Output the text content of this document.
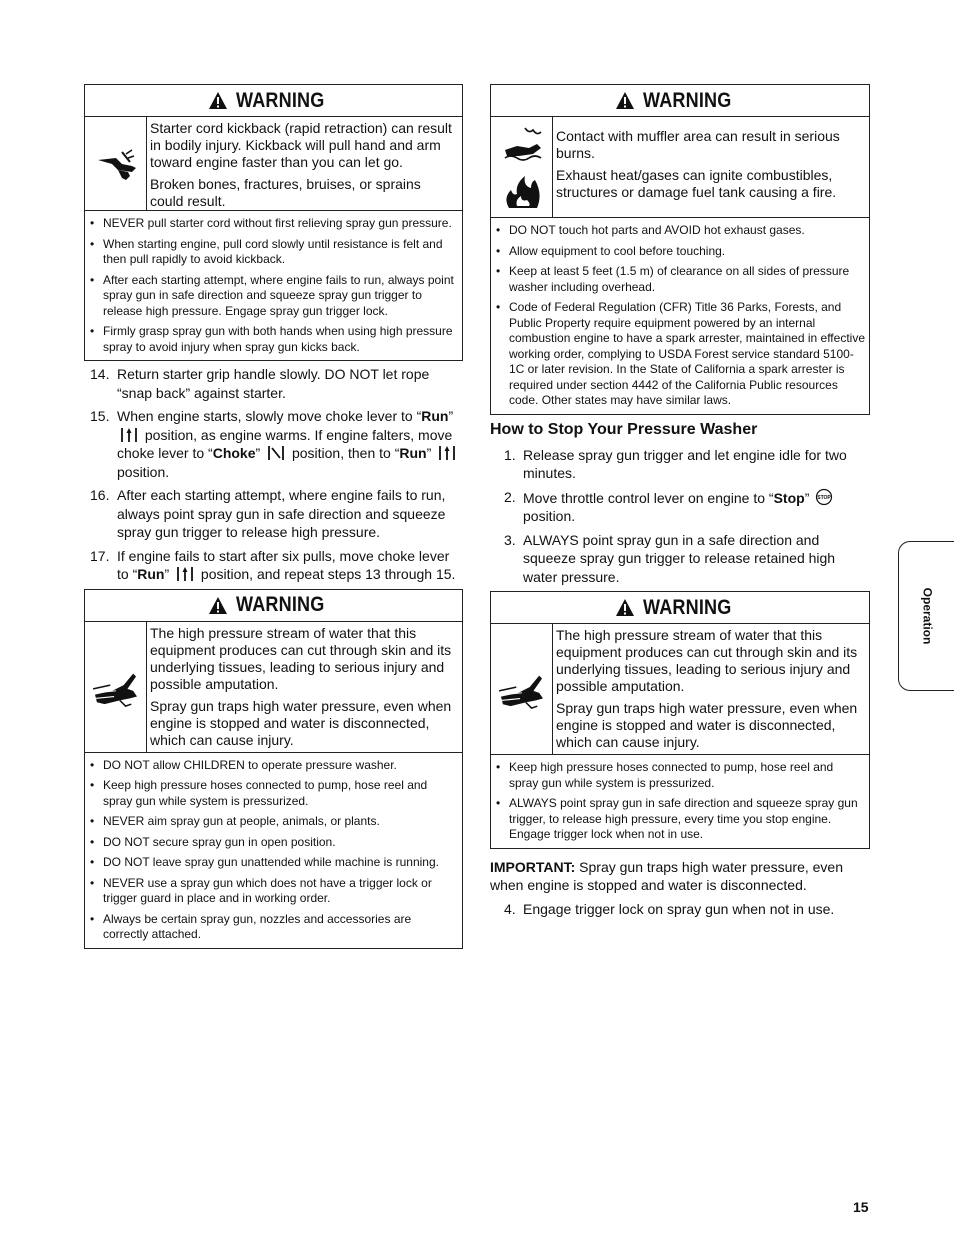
WARNING

Starter cord kickback (rapid retraction) can result in bodily injury. Kickback will pull hand and arm toward engine faster than you can let go.

Broken bones, fractures, bruises, or sprains could result.

• NEVER pull starter cord without first relieving spray gun pressure.
• When starting engine, pull cord slowly until resistance is felt and then pull rapidly to avoid kickback.
• After each starting attempt, where engine fails to run, always point spray gun in safe direction and squeeze spray gun trigger to release high pressure. Engage spray gun trigger lock.
• Firmly grasp spray gun with both hands when using high pressure spray to avoid injury when spray gun kicks back.
14. Return starter grip handle slowly. DO NOT let rope “snap back” against starter.
15. When engine starts, slowly move choke lever to “Run”  position, as engine warms. If engine falters, move choke lever to “Choke”  position, then to “Run”  position.
16. After each starting attempt, where engine fails to run, always point spray gun in safe direction and squeeze spray gun trigger to release high pressure.
17. If engine fails to start after six pulls, move choke lever to “Run”  position, and repeat steps 13 through 15.
WARNING

The high pressure stream of water that this equipment produces can cut through skin and its underlying tissues, leading to serious injury and possible amputation.

Spray gun traps high water pressure, even when engine is stopped and water is disconnected, which can cause injury.

• DO NOT allow CHILDREN to operate pressure washer.
• Keep high pressure hoses connected to pump, hose reel and spray gun while system is pressurized.
• NEVER aim spray gun at people, animals, or plants.
• DO NOT secure spray gun in open position.
• DO NOT leave spray gun unattended while machine is running.
• NEVER use a spray gun which does not have a trigger lock or trigger guard in place and in working order.
• Always be certain spray gun, nozzles and accessories are correctly attached.
WARNING

Contact with muffler area can result in serious burns.

Exhaust heat/gases can ignite combustibles, structures or damage fuel tank causing a fire.

• DO NOT touch hot parts and AVOID hot exhaust gases.
• Allow equipment to cool before touching.
• Keep at least 5 feet (1.5 m) of clearance on all sides of pressure washer including overhead.
• Code of Federal Regulation (CFR) Title 36 Parks, Forests, and Public Property require equipment powered by an internal combustion engine to have a spark arrester, maintained in effective working order, complying to USDA Forest service standard 5100-1C or later revision. In the State of California a spark arrester is required under section 4442 of the California Public resources code. Other states may have similar laws.
How to Stop Your Pressure Washer
1. Release spray gun trigger and let engine idle for two minutes.
2. Move throttle control lever on engine to “Stop”  position.
3. ALWAYS point spray gun in a safe direction and squeeze spray gun trigger to release retained high water pressure.
WARNING

The high pressure stream of water that this equipment produces can cut through skin and its underlying tissues, leading to serious injury and possible amputation.

Spray gun traps high water pressure, even when engine is stopped and water is disconnected, which can cause injury.

• Keep high pressure hoses connected to pump, hose reel and spray gun while system is pressurized.
• ALWAYS point spray gun in safe direction and squeeze spray gun trigger, to release high pressure, every time you stop engine. Engage trigger lock when not in use.
IMPORTANT: Spray gun traps high water pressure, even when engine is stopped and water is disconnected.
4. Engage trigger lock on spray gun when not in use.
Operation
15
